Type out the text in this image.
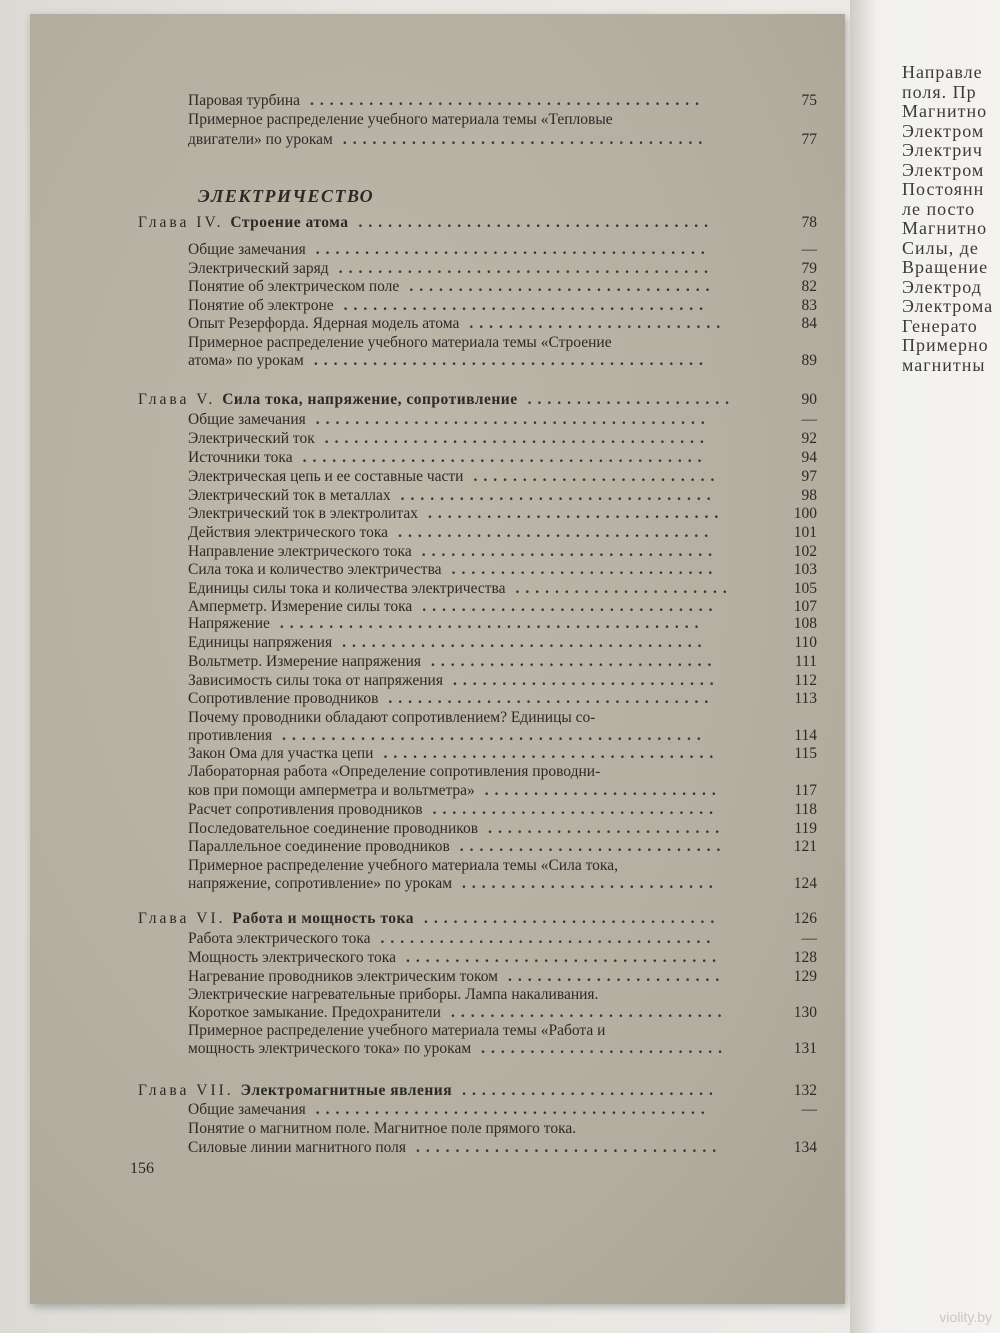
ЭЛЕКТРИЧЕСТВО
Паровая турбина ........................................	75
Примерное распределение учебного материала темы «Тепловые
двигатели» по урокам .....................................	77
Глава IV. Строение атома ....................................	78
Общие замечания ........................................	—
Электрический заряд ......................................	79
Понятие об электрическом поле ...............................	82
Понятие об электроне .....................................	83
Опыт Резерфорда. Ядерная модель атома ..........................	84
Примерное распределение учебного материала темы «Строение
атома» по урокам ........................................	89
Глава V. Сила тока, напряжение, сопротивление .....................	90
Общие замечания ........................................	—
Электрический ток .......................................	92
Источники тока .........................................	94
Электрическая цепь и ее составные части .........................	97
Электрический ток в металлах ................................	98
Электрический ток в электролитах ..............................	100
Действия электрического тока ................................	101
Направление электрического тока ..............................	102
Сила тока и количество электричества ...........................	103
Единицы силы тока и количества электричества ......................	105
Амперметр. Измерение силы тока ..............................	107
Напряжение ...........................................	108
Единицы напряжения .....................................	110
Вольтметр. Измерение напряжения .............................	111
Зависимость силы тока от напряжения ...........................	112
Сопротивление проводников .................................	113
Почему проводники обладают сопротивлением? Единицы со-
противления ...........................................	114
Закон Ома для участка цепи ..................................	115
Лабораторная работа «Определение сопротивления проводни-
ков при помощи амперметра и вольтметра» ........................	117
Расчет сопротивления проводников .............................	118
Последовательное соединение проводников ........................	119
Параллельное соединение проводников ...........................	121
Примерное распределение учебного материала темы «Сила тока,
напряжение, сопротивление» по урокам ..........................	124
Глава VI. Работа и мощность тока ..............................	126
Работа электрического тока ..................................	—
Мощность электрического тока ................................	128
Нагревание проводников электрическим током ......................	129
Электрические нагревательные приборы. Лампа накаливания.
Короткое замыкание. Предохранители ............................	130
Примерное распределение учебного материала темы «Работа и
мощность электрического тока» по урокам .........................	131
Глава VII. Электромагнитные явления ..........................	132
Общие замечания ........................................	—
Понятие о магнитном поле. Магнитное поле прямого тока.
Силовые линии магнитного поля ...............................	134
156
Направле
поля. Пр
Магнитно
Электром
Электрич
Электром
Постоянн
ле посто
Магнитно
Силы, де
Вращение
Электрод
Электрома
Генерато
Примерно
магнитны
violity.by
